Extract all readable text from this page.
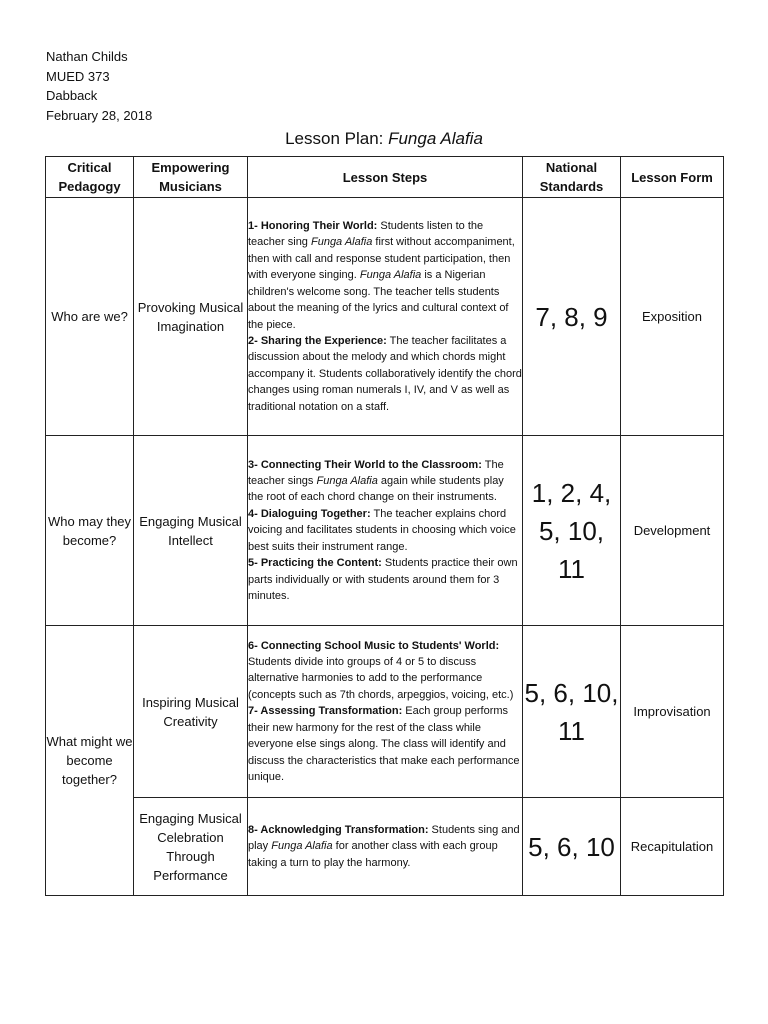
Nathan Childs
MUED 373
Dabback
February 28, 2018
Lesson Plan: Funga Alafia
Critical Pedagogy	Empowering Musicians	Lesson Steps	National Standards	Lesson Form
Who are we?	Provoking Musical Imagination	1- Honoring Their World: Students listen to the teacher sing Funga Alafia first without accompaniment, then with call and response student participation, then with everyone singing. Funga Alafia is a Nigerian children's welcome song. The teacher tells students about the meaning of the lyrics and cultural context of the piece.

2- Sharing the Experience: The teacher facilitates a discussion about the melody and which chords might accompany it. Students collaboratively identify the chord changes using roman numerals I, IV, and V as well as traditional notation on a staff.	7, 8, 9	Exposition
Who may they become?	Engaging Musical Intellect	3- Connecting Their World to the Classroom: The teacher sings Funga Alafia again while students play the root of each chord change on their instruments.

4- Dialoguing Together: The teacher explains chord voicing and facilitates students in choosing which voice best suits their instrument range.

5- Practicing the Content: Students practice their own parts individually or with students around them for 3 minutes.	1, 2, 4, 5, 10, 11	Development
What might we become together?	Inspiring Musical Creativity	6- Connecting School Music to Students' World: Students divide into groups of 4 or 5 to discuss alternative harmonies to add to the performance (concepts such as 7th chords, arpeggios, voicing, etc.)

7- Assessing Transformation: Each group performs their new harmony for the rest of the class while everyone else sings along. The class will identify and discuss the characteristics that make each performance unique.	5, 6, 10, 11	Improvisation
	Engaging Musical Celebration Through Performance	8- Acknowledging Transformation: Students sing and play Funga Alafia for another class with each group taking a turn to play the harmony.	5, 6, 10	Recapitulation
